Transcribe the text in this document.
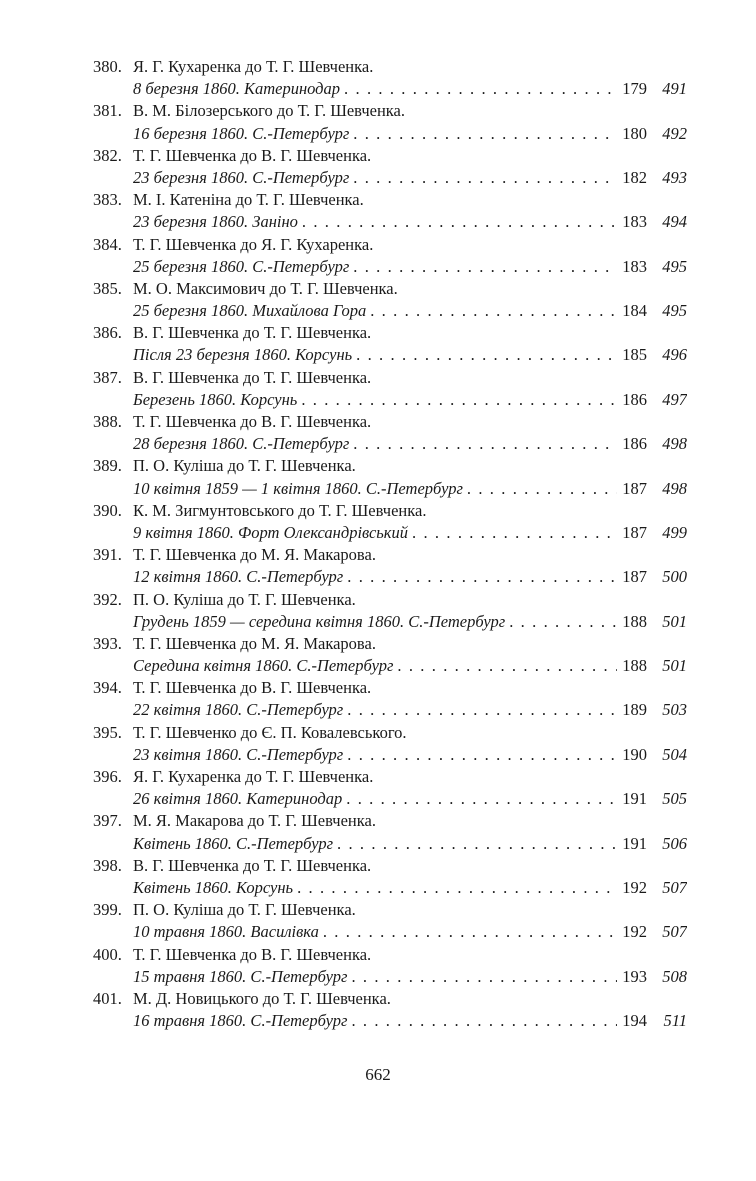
380. Я. Г. Кухаренка до Т. Г. Шевченка.
8 березня 1860. Катеринодар . . .	179 491
381. В. М. Білозерського до Т. Г. Шевченка.
16 березня 1860. С.-Петербург . . .	180 492
382. Т. Г. Шевченка до В. Г. Шевченка.
23 березня 1860. С.-Петербург . . .	182 493
383. М. І. Катеніна до Т. Г. Шевченка.
23 березня 1860. Заніно . . .	183 494
384. Т. Г. Шевченка до Я. Г. Кухаренка.
25 березня 1860. С.-Петербург . . .	183 495
385. М. О. Максимович до Т. Г. Шевченка.
25 березня 1860. Михайлова Гора . . .	184 495
386. В. Г. Шевченка до Т. Г. Шевченка.
Після 23 березня 1860. Корсунь . . .	185 496
387. В. Г. Шевченка до Т. Г. Шевченка.
Березень 1860. Корсунь . . .	186 497
388. Т. Г. Шевченка до В. Г. Шевченка.
28 березня 1860. С.-Петербург . . .	186 498
389. П. О. Куліша до Т. Г. Шевченка.
10 квітня 1859 — 1 квітня 1860. С.-Петербург . . .	187 498
390. К. М. Зигмунтовського до Т. Г. Шевченка.
9 квітня 1860. Форт Олександрівський . . .	187 499
391. Т. Г. Шевченка до М. Я. Макарова.
12 квітня 1860. С.-Петербург . . .	187 500
392. П. О. Куліша до Т. Г. Шевченка.
Грудень 1859 — середина квітня 1860. С.-Петербург . . .	188 501
393. Т. Г. Шевченка до М. Я. Макарова.
Середина квітня 1860. С.-Петербург . . .	188 501
394. Т. Г. Шевченка до В. Г. Шевченка.
22 квітня 1860. С.-Петербург . . .	189 503
395. Т. Г. Шевченко до Є. П. Ковалевського.
23 квітня 1860. С.-Петербург . . .	190 504
396. Я. Г. Кухаренка до Т. Г. Шевченка.
26 квітня 1860. Катеринодар . . .	191 505
397. М. Я. Макарова до Т. Г. Шевченка.
Квітень 1860. С.-Петербург . . .	191 506
398. В. Г. Шевченка до Т. Г. Шевченка.
Квітень 1860. Корсунь . . .	192 507
399. П. О. Куліша до Т. Г. Шевченка.
10 травня 1860. Василівка . . .	192 507
400. Т. Г. Шевченка до В. Г. Шевченка.
15 травня 1860. С.-Петербург . . .	193 508
401. М. Д. Новицького до Т. Г. Шевченка.
16 травня 1860. С.-Петербург . . .	194 511
662
